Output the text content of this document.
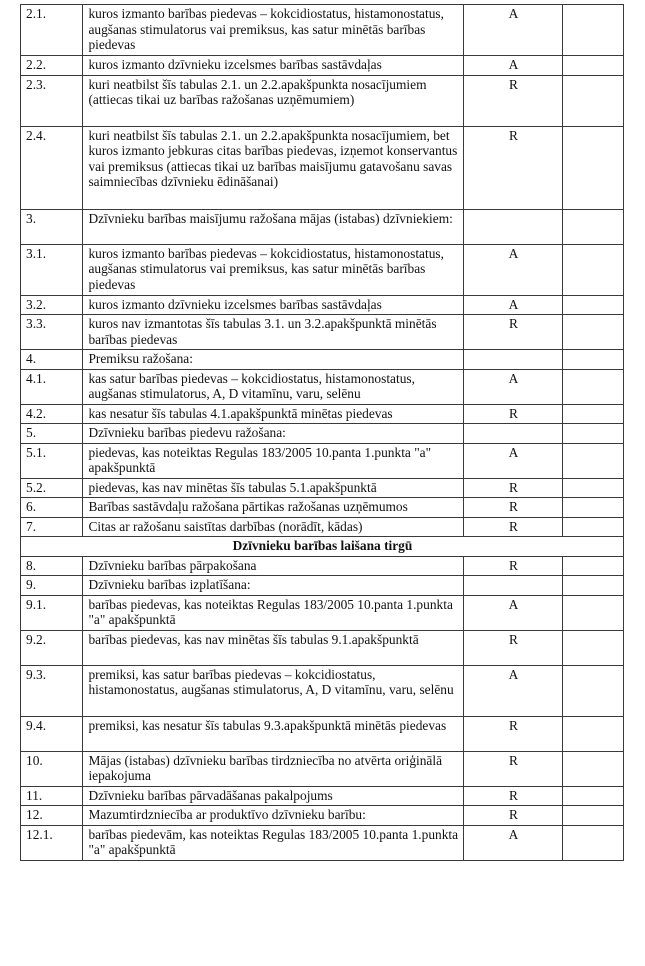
2.1.	kuros izmanto barības piedevas – kokcidiostatus, histamonostatus, augšanas stimulatorus vai premiksus, kas satur minētās barības piedevas	A	
2.2.	kuros izmanto dzīvnieku izcelsmes barības sastāvdaļas	A	
2.3.	kuri neatbilst šīs tabulas 2.1. un 2.2.apakšpunkta nosacījumiem (attiecas tikai uz barības ražošanas uzņēmumiem)	R	
2.4.	kuri neatbilst šīs tabulas 2.1. un 2.2.apakšpunkta nosacījumiem, bet kuros izmanto jebkuras citas barības piedevas, izņemot konservantus vai premiksus (attiecas tikai uz barības maisījumu gatavošanu savas saimniecības dzīvnieku ēdināšanai)	R	
3.	Dzīvnieku barības maisījumu ražošana mājas (istabas) dzīvniekiem:		
3.1.	kuros izmanto barības piedevas – kokcidiostatus, histamonostatus, augšanas stimulatorus vai premiksus, kas satur minētās barības piedevas	A	
3.2.	kuros izmanto dzīvnieku izcelsmes barības sastāvdaļas	A	
3.3.	kuros nav izmantotas šīs tabulas 3.1. un 3.2.apakšpunktā minētās barības piedevas	R	
4.	Premiksu ražošana:		
4.1.	kas satur barības piedevas – kokcidiostatus, histamonostatus, augšanas stimulatorus, A, D vitamīnu, varu, selēnu	A	
4.2.	kas nesatur šīs tabulas 4.1.apakšpunktā minētas piedevas	R	
5.	Dzīvnieku barības piedevu ražošana:		
5.1.	piedevas, kas noteiktas Regulas 183/2005 10.panta 1.punkta "a" apakšpunktā	A	
5.2.	piedevas, kas nav minētas šīs tabulas 5.1.apakšpunktā	R	
6.	Barības sastāvdaļu ražošana pārtikas ražošanas uzņēmumos	R	
7.	Citas ar ražošanu saistītas darbības (norādīt, kādas)	R	
Dzīvnieku barības laišana tirgū			
8.	Dzīvnieku barības pārpakošana	R	
9.	Dzīvnieku barības izplatīšana:		
9.1.	barības piedevas, kas noteiktas Regulas 183/2005 10.panta 1.punkta "a" apakšpunktā	A	
9.2.	barības piedevas, kas nav minētas šīs tabulas 9.1.apakšpunktā	R	
9.3.	premiksi, kas satur barības piedevas – kokcidiostatus, histamonostatus, augšanas stimulatorus, A, D vitamīnu, varu, selēnu	A	
9.4.	premiksi, kas nesatur šīs tabulas 9.3.apakšpunktā minētās piedevas	R	
10.	Mājas (istabas) dzīvnieku barības tirdzniecība no atvērta oriģinālā iepakojuma	R	
11.	Dzīvnieku barības pārvadāšanas pakalpojums	R	
12.	Mazumtirdzniecība ar produktīvo dzīvnieku barību:	R	
12.1.	barības piedevām, kas noteiktas Regulas 183/2005 10.panta 1.punkta "a" apakšpunktā	A	
